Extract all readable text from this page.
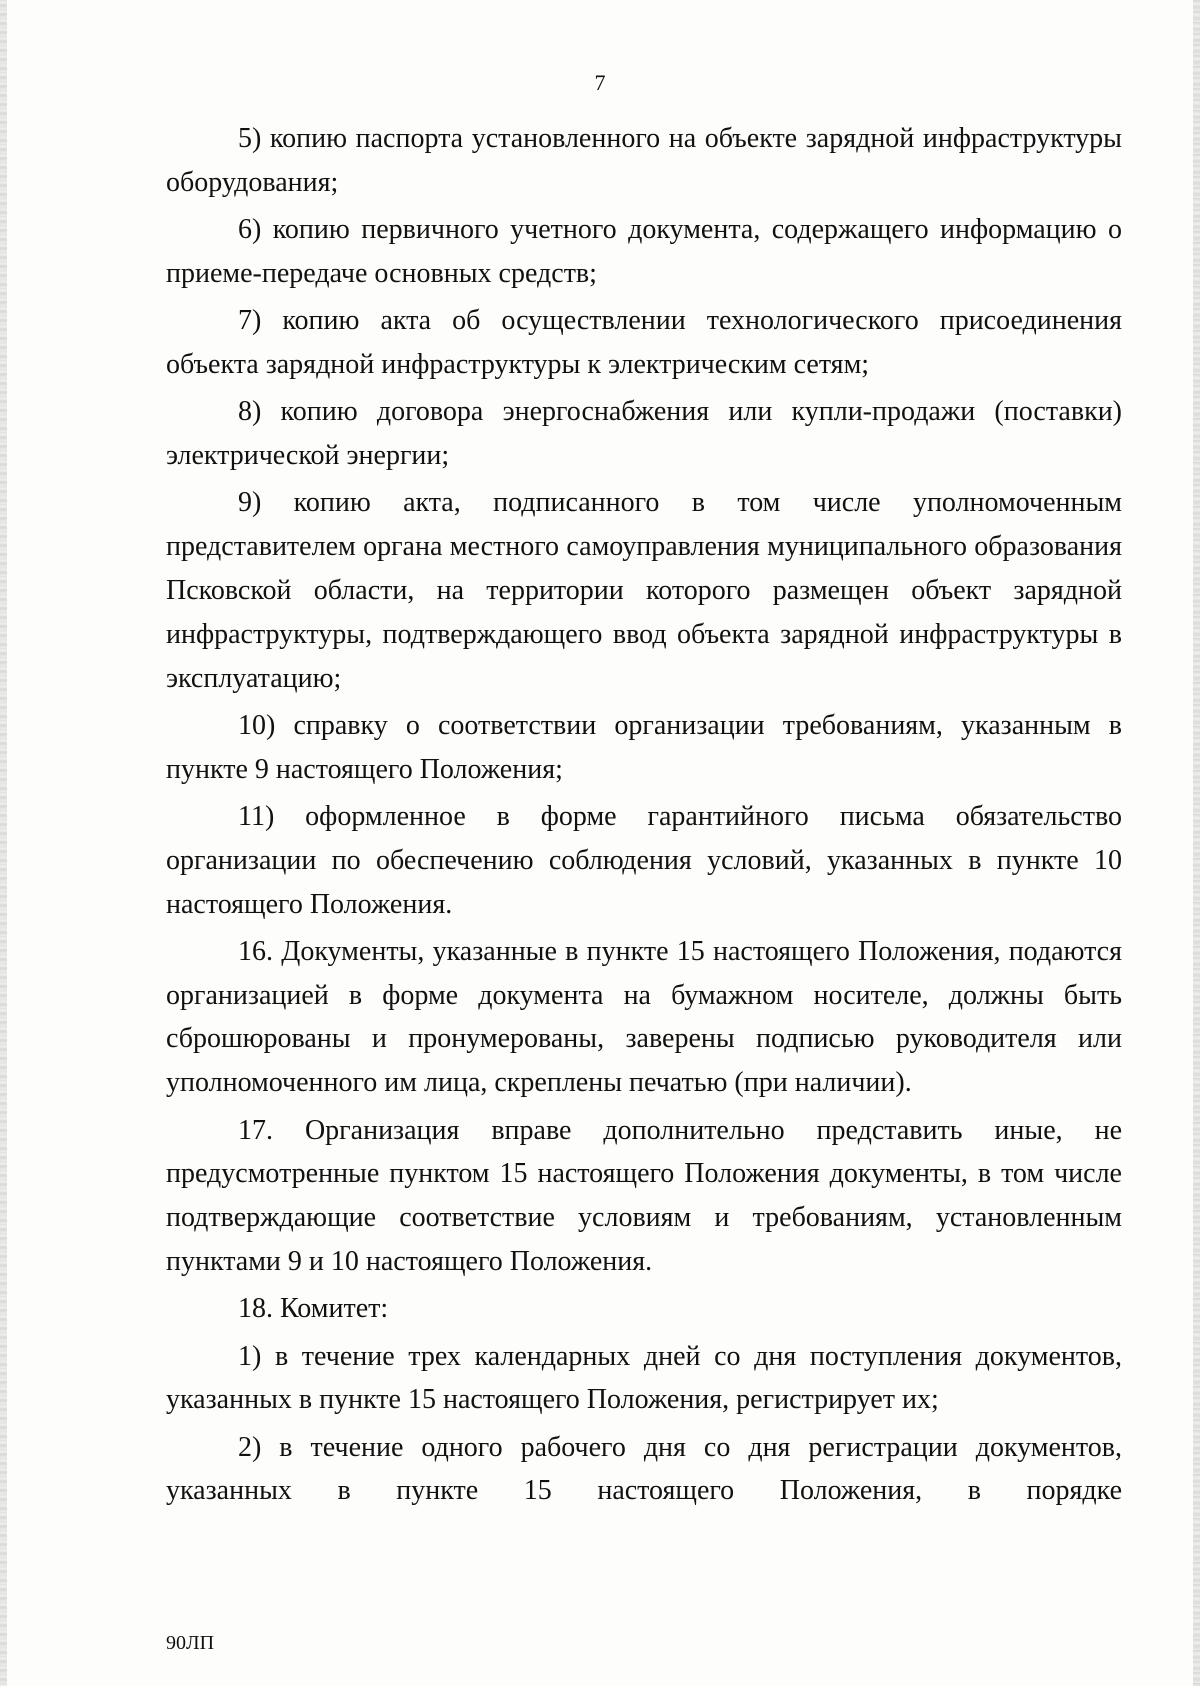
7

5) копию паспорта установленного на объекте зарядной инфраструктуры оборудования;

6) копию первичного учетного документа, содержащего информацию о приеме-передаче основных средств;

7) копию акта об осуществлении технологического присоединения объекта зарядной инфраструктуры к электрическим сетям;

8) копию договора энергоснабжения или купли-продажи (поставки) электрической энергии;

9) копию акта, подписанного в том числе уполномоченным представителем органа местного самоуправления муниципального образования Псковской области, на территории которого размещен объект зарядной инфраструктуры, подтверждающего ввод объекта зарядной инфраструктуры в эксплуатацию;

10) справку о соответствии организации требованиям, указанным в пункте 9 настоящего Положения;

11) оформленное в форме гарантийного письма обязательство организации по обеспечению соблюдения условий, указанных в пункте 10 настоящего Положения.

16. Документы, указанные в пункте 15 настоящего Положения, подаются организацией в форме документа на бумажном носителе, должны быть сброшюрованы и пронумерованы, заверены подписью руководителя или уполномоченного им лица, скреплены печатью (при наличии).

17. Организация вправе дополнительно представить иные, не предусмотренные пунктом 15 настоящего Положения документы, в том числе подтверждающие соответствие условиям и требованиям, установленным пунктами 9 и 10 настоящего Положения.

18. Комитет:

1) в течение трех календарных дней со дня поступления документов, указанных в пункте 15 настоящего Положения, регистрирует их;

2) в течение одного рабочего дня со дня регистрации документов, указанных в пункте 15 настоящего Положения, в порядке

90ЛП
